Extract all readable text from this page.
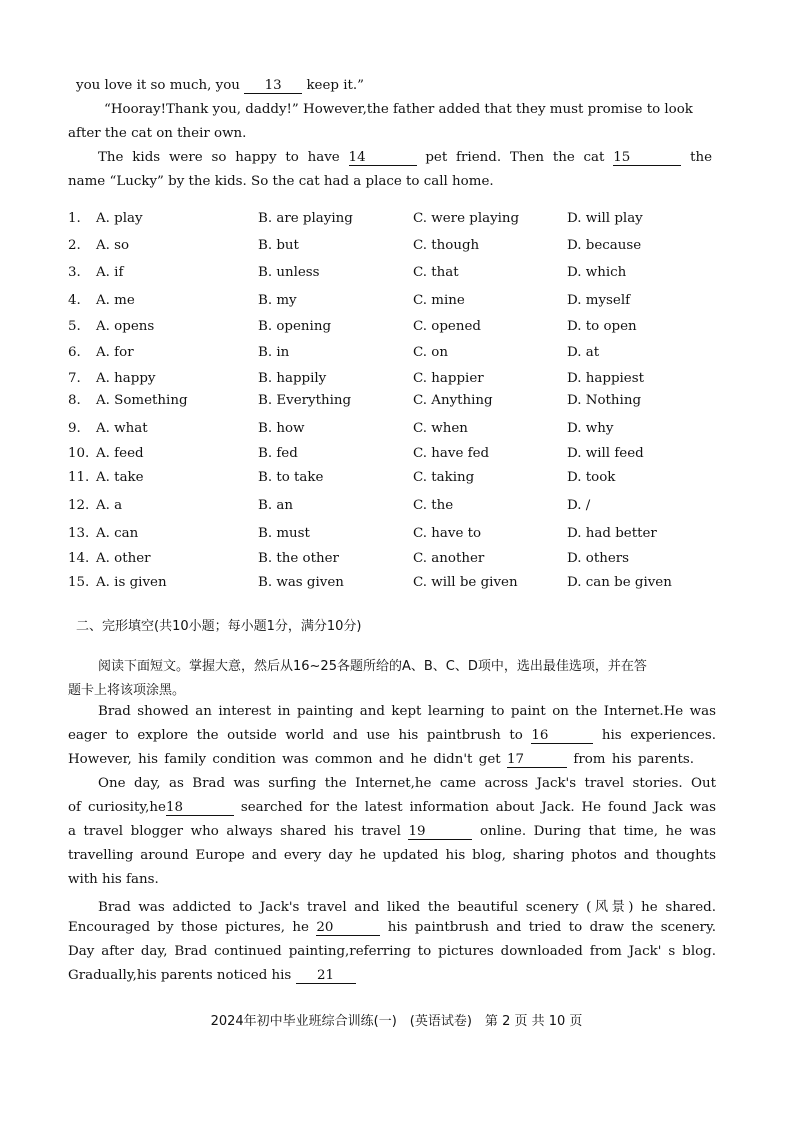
you love it so much, you 13 keep it.”
“Hooray!Thank you, daddy!” However,the father added that they must promise to look
after the cat on their own.
The kids were so happy to have 14	pet friend. Then the cat 15	the
name “Lucky” by the kids. So the cat had a place to call home.
1. A. play	B. are playing	C. were playing	D. will play
2. A. so	B. but	C. though	D. because
3. A. if	B. unless	C. that	D. which
4. A. me	B. my	C. mine	D. myself
5. A. opens	B. opening	C. opened	D. to open
6. A. for	B. in	C. on	D. at
7. A. happy	B. happily	C. happier	D. happiest
8. A. Something	B. Everything	C. Anything	D. Nothing
9. A. what	B. how	C. when	D. why
10. A. feed	B. fed	C. have fed	D. will feed
11. A. take	B. to take	C. taking	D. took
12. A. a	B. an	C. the	D. /
13. A. can	B. must	C. have to	D. had better
14. A. other	B. the other	C. another	D. others
15. A. is given	B. was given	C. will be given	D. can be given
二、完形填空(共10小题；每小题1分，满分10分)
阅读下面短文。掌握大意，然后从16~25各题所给的A、B、C、D项中，选出最佳选项，并在答
题卡上将该项涂黑。
Brad showed an interest in painting and kept learning to paint on the Internet.He was
eager to explore the outside world and use his paintbrush to 16	his experiences.
However, his family condition was common and he didn't get 17	from his parents.
One day, as Brad was surfing the Internet,he came across Jack's travel stories. Out
of curiosity,he18	searched for the latest information about Jack. He found Jack was
a travel blogger who always shared his travel 19	online. During that time, he was
travelling around Europe and every day he updated his blog, sharing photos and thoughts
with his fans.
Brad was addicted to Jack's travel and liked the beautiful scenery (风景) he shared.
Encouraged by those pictures, he 20	his paintbrush and tried to draw the scenery.
Day after day, Brad continued painting,referring to pictures downloaded from Jack' s blog.
Gradually,his parents noticed his 21
2024年初中毕业班综合训练(一)　(英语试卷)　第 2 页 共 10 页
